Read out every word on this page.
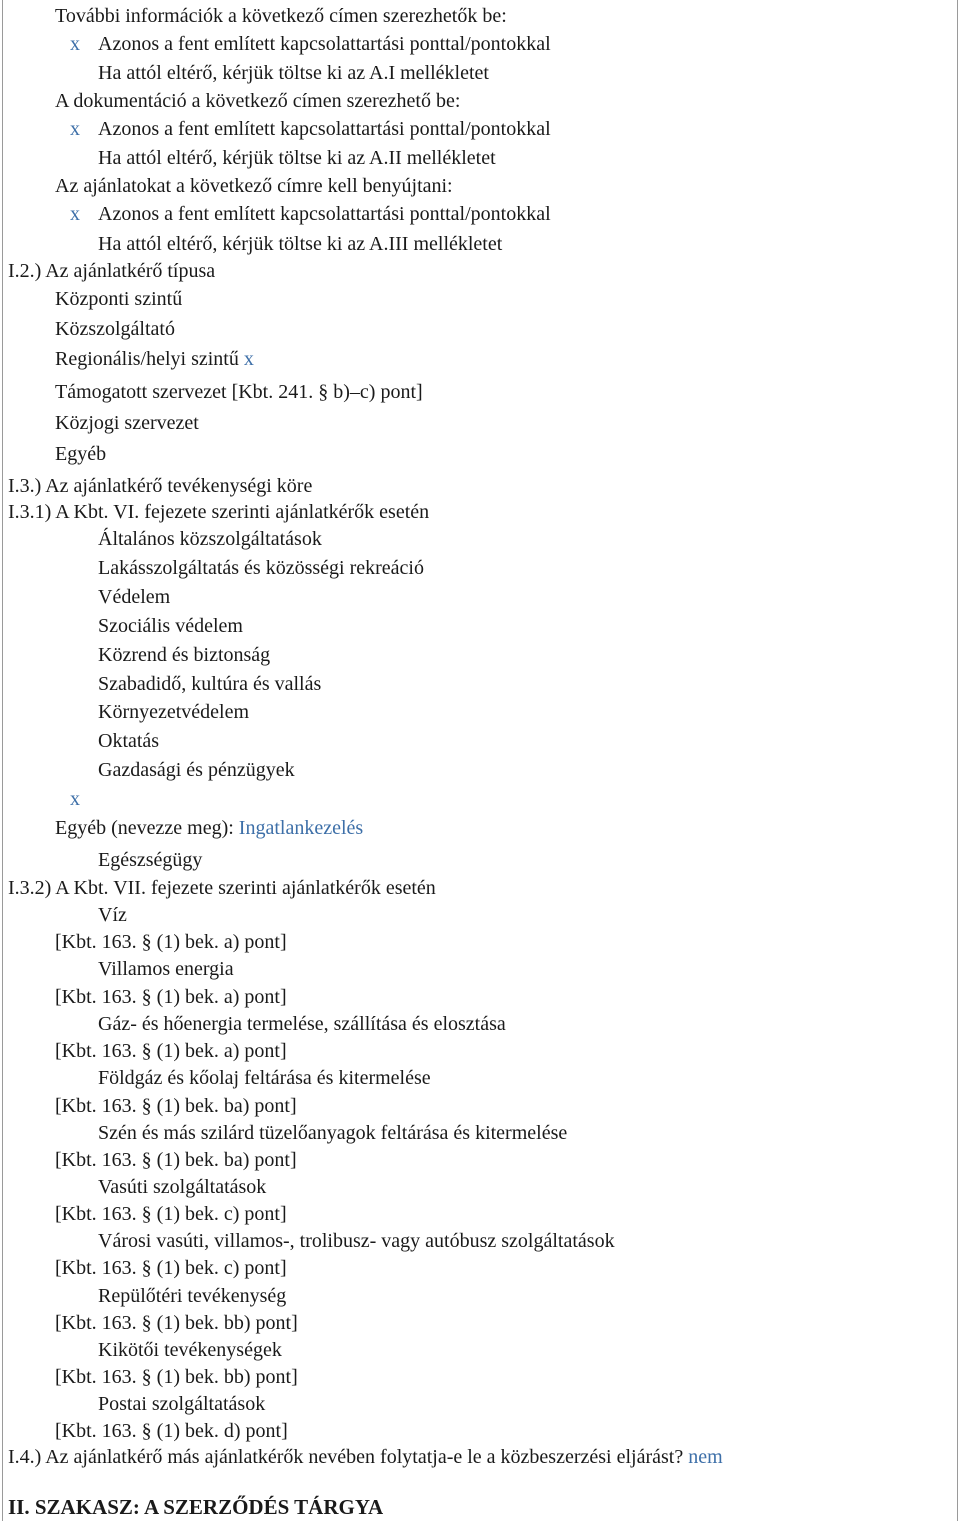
További információk a következő címen szerezhetők be:
x Azonos a fent említett kapcsolattartási ponttal/pontokkal
Ha attól eltérő, kérjük töltse ki az A.I mellékletet
A dokumentáció a következő címen szerezhető be:
x Azonos a fent említett kapcsolattartási ponttal/pontokkal
Ha attól eltérő, kérjük töltse ki az A.II mellékletet
Az ajánlatokat a következő címre kell benyújtani:
x Azonos a fent említett kapcsolattartási ponttal/pontokkal
Ha attól eltérő, kérjük töltse ki az A.III mellékletet
I.2.) Az ajánlatkérő típusa
Központi szintű
Közszolgáltató
Regionális/helyi szintű x
Támogatott szervezet [Kbt. 241. § b)–c) pont]
Közjogi szervezet
Egyéb
I.3.) Az ajánlatkérő tevékenységi köre
I.3.1) A Kbt. VI. fejezete szerinti ajánlatkérők esetén
Általános közszolgáltatások
Lakásszolgáltatás és közösségi rekreáció
Védelem
Szociális védelem
Közrend és biztonság
Szabadidő, kultúra és vallás
Környezetvédelem
Oktatás
Gazdasági és pénzügyek
x
Egyéb (nevezze meg): Ingatlankezelés
Egészségügy
I.3.2) A Kbt. VII. fejezete szerinti ajánlatkérők esetén
Víz
[Kbt. 163. § (1) bek. a) pont]
Villamos energia
[Kbt. 163. § (1) bek. a) pont]
Gáz- és hőenergia termelése, szállítása és elosztása
[Kbt. 163. § (1) bek. a) pont]
Földgáz és kőolaj feltárása és kitermelése
[Kbt. 163. § (1) bek. ba) pont]
Szén és más szilárd tüzelőanyagok feltárása és kitermelése
[Kbt. 163. § (1) bek. ba) pont]
Vasúti szolgáltatások
[Kbt. 163. § (1) bek. c) pont]
Városi vasúti, villamos-, trolibusz- vagy autóbusz szolgáltatások
[Kbt. 163. § (1) bek. c) pont]
Repülőtéri tevékenység
[Kbt. 163. § (1) bek. bb) pont]
Kikötői tevékenységek
[Kbt. 163. § (1) bek. bb) pont]
Postai szolgáltatások
[Kbt. 163. § (1) bek. d) pont]
I.4.) Az ajánlatkérő más ajánlatkérők nevében folytatja-e le a közbeszerzési eljárást? nem
II. SZAKASZ: A SZERZŐDÉS TÁRGYA
